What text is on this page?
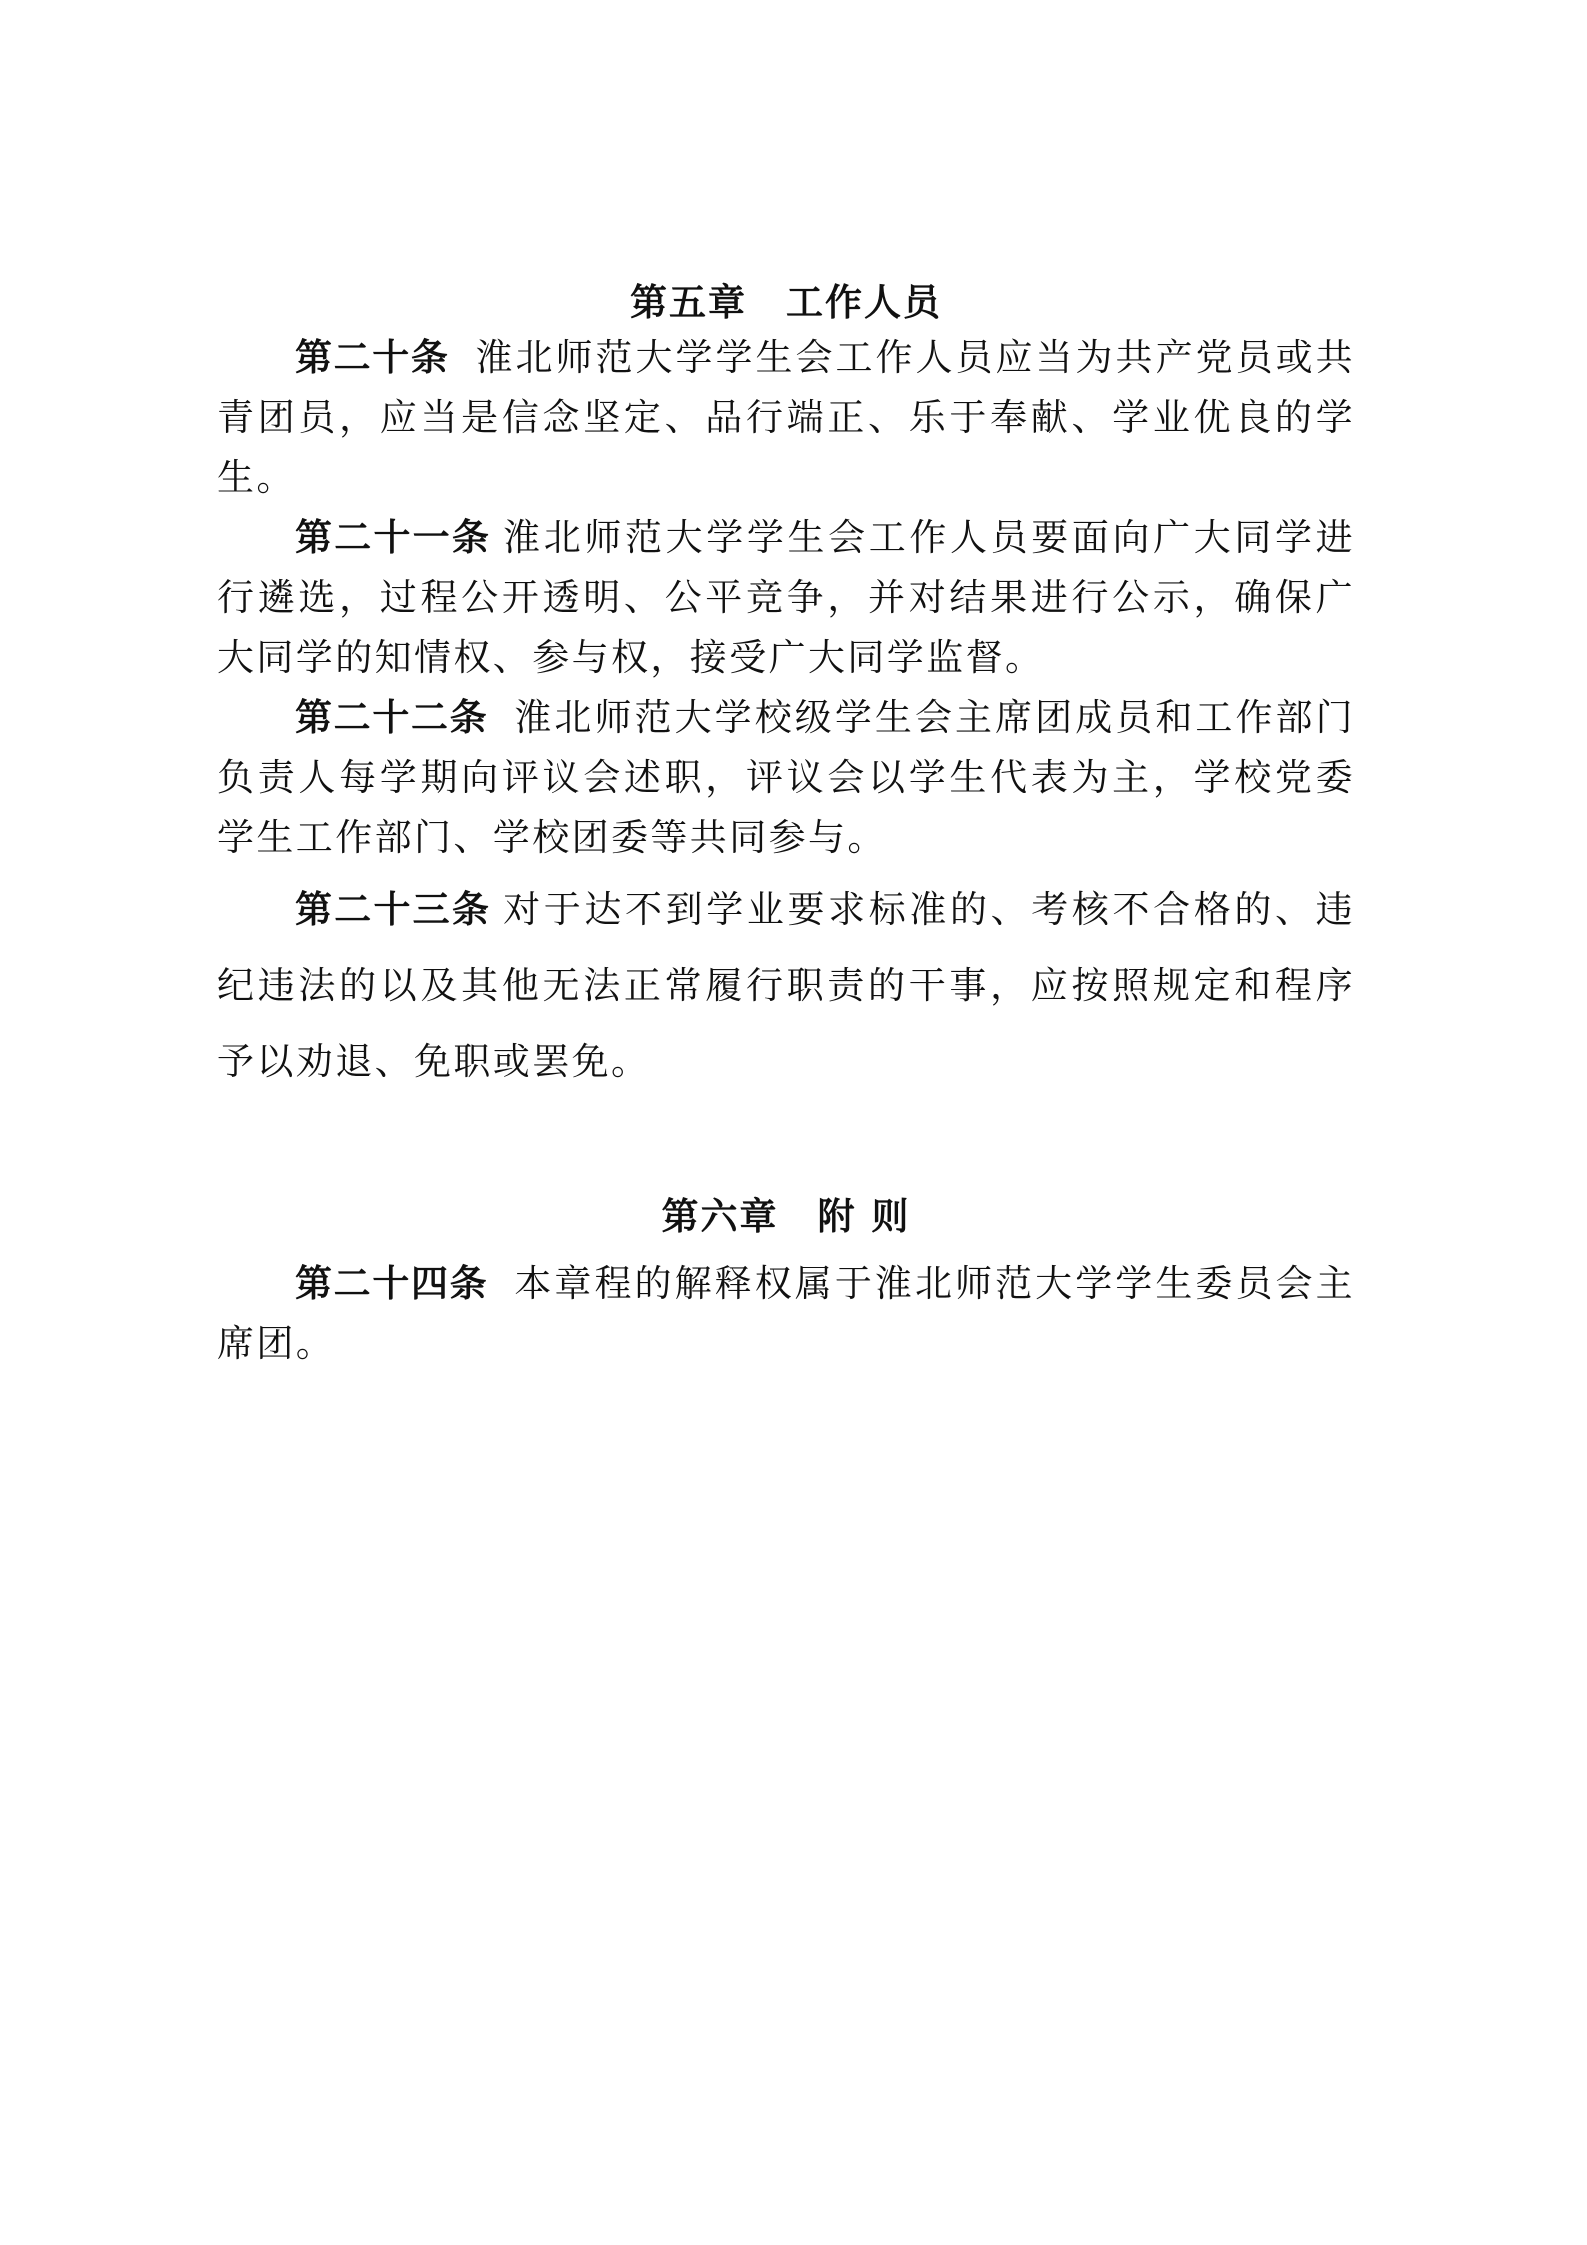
第五章　工作人员

第二十条 淮北师范大学学生会工作人员应当为共产党员或共青团员，应当是信念坚定、品行端正、乐于奉献、学业优良的学生。

第二十一条 淮北师范大学学生会工作人员要面向广大同学进行遴选，过程公开透明、公平竞争，并对结果进行公示，确保广大同学的知情权、参与权，接受广大同学监督。

第二十二条 淮北师范大学校级学生会主席团成员和工作部门负责人每学期向评议会述职，评议会以学生代表为主，学校党委学生工作部门、学校团委等共同参与。

第二十三条 对于达不到学业要求标准的、考核不合格的、违纪违法的以及其他无法正常履行职责的干事，应按照规定和程序予以劝退、免职或罢免。

第六章　附 则

第二十四条 本章程的解释权属于淮北师范大学学生委员会主席团。
